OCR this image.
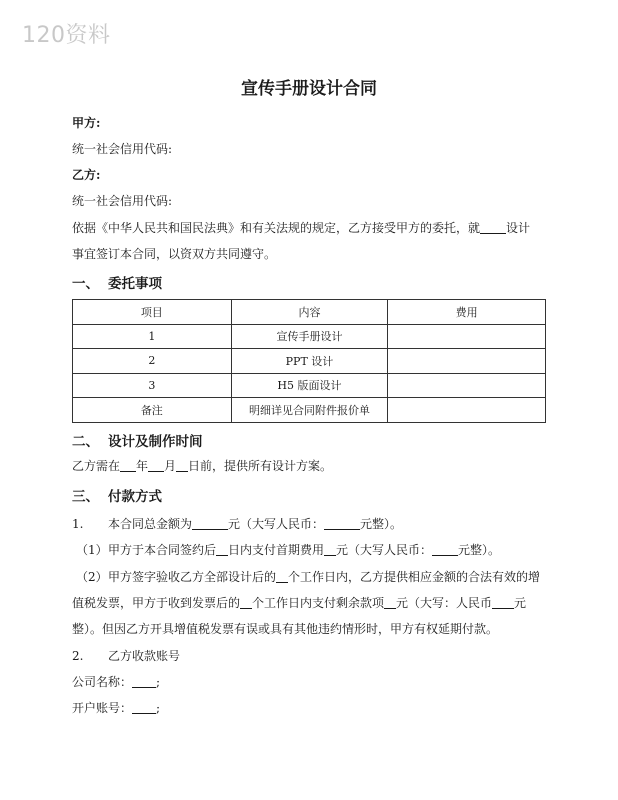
120资料
宣传手册设计合同
甲方:
统一社会信用代码:
乙方:
统一社会信用代码:
依据《中华人民共和国民法典》和有关法规的规定，乙方接受甲方的委托，就 设计
事宜签订本合同，以资双方共同遵守。
一、 委托事项
项目	内容	费用
1	宣传手册设计	
2	PPT 设计	
3	H5 版面设计	
备注	明细详见合同附件报价单	
二、 设计及制作时间
乙方需在 年 月 日前，提供所有设计方案。
三、 付款方式
1. 本合同总金额为	元（大写人民币：	元整）。
（1）甲方于本合同签约后 日内支付首期费用 元（大写人民币： 元整）。
（2）甲方签字验收乙方全部设计后的 个工作日内，乙方提供相应金额的合法有效的增
值税发票，甲方于收到发票后的 个工作日内支付剩余款项 元（大写：人民币 元
整）。但因乙方开具增值税发票有误或具有其他违约情形时，甲方有权延期付款。
2. 乙方收款账号
公司名称： ;
开户账号： ;
